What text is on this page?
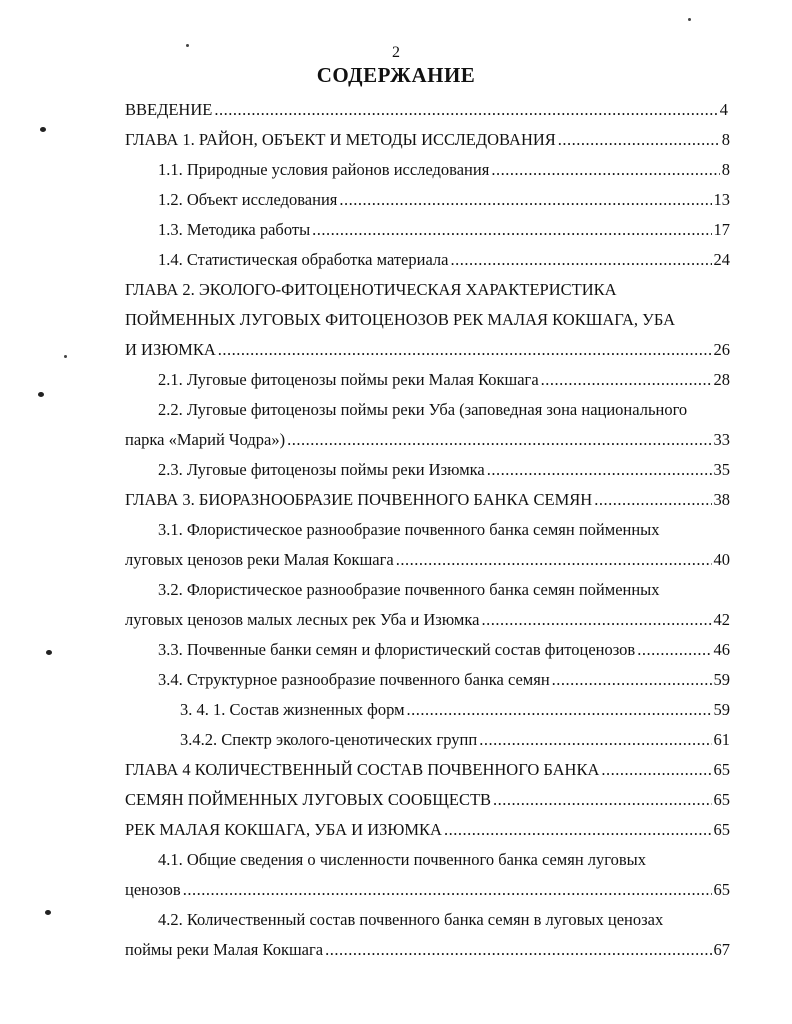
2
СОДЕРЖАНИЕ
ВВЕДЕНИЕ .....	4
ГЛАВА 1. РАЙОН, ОБЪЕКТ И МЕТОДЫ ИССЛЕДОВАНИЯ .....	8
1.1. Природные условия районов исследования .....	8
1.2. Объект исследования .....	13
1.3. Методика работы .....	17
1.4. Статистическая обработка материала .....	24
ГЛАВА 2. ЭКОЛОГО-ФИТОЦЕНОТИЧЕСКАЯ ХАРАКТЕРИСТИКА
ПОЙМЕННЫХ ЛУГОВЫХ ФИТОЦЕНОЗОВ РЕК МАЛАЯ КОКШАГА, УБА
И ИЗЮМКА .....	26
2.1. Луговые фитоценозы поймы реки Малая Кокшага .....	28
2.2. Луговые фитоценозы поймы реки Уба (заповедная зона национального
парка «Марий Чодра») .....	33
2.3. Луговые фитоценозы поймы реки Изюмка .....	35
ГЛАВА 3. БИОРАЗНООБРАЗИЕ ПОЧВЕННОГО БАНКА СЕМЯН .....	38
3.1. Флористическое разнообразие почвенного банка семян пойменных
луговых ценозов реки Малая Кокшага .....	40
3.2. Флористическое разнообразие почвенного банка семян пойменных
луговых ценозов малых лесных рек Уба и Изюмка .....	42
3.3. Почвенные банки семян и флористический состав фитоценозов .....	46
3.4. Структурное разнообразие почвенного банка семян .....	59
3. 4. 1. Состав жизненных форм .....	59
3.4.2. Спектр эколого-ценотических групп .....	61
ГЛАВА 4 КОЛИЧЕСТВЕННЫЙ СОСТАВ ПОЧВЕННОГО БАНКА .....	65
СЕМЯН ПОЙМЕННЫХ ЛУГОВЫХ СООБЩЕСТВ .....	65
РЕК МАЛАЯ КОКШАГА, УБА И ИЗЮМКА .....	65
4.1. Общие сведения о численности почвенного банка семян луговых
ценозов .....	65
4.2. Количественный состав почвенного банка семян в луговых ценозах
поймы реки Малая Кокшага .....	67
